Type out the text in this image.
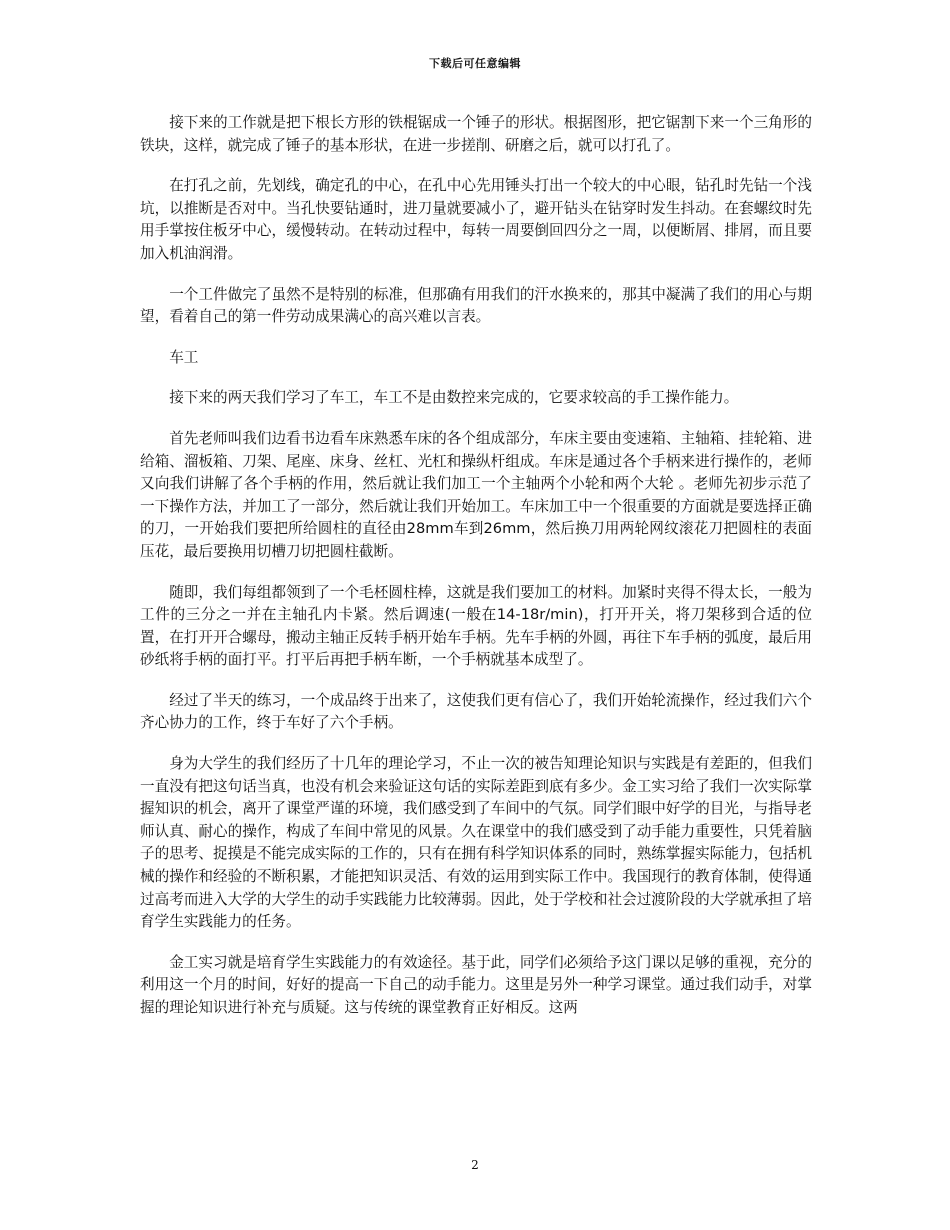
下载后可任意编辑

接下来的工作就是把下根长方形的铁棍锯成一个锤子的形状。根据图形，把它锯割下来一个三角形的铁块，这样，就完成了锤子的基本形状，在进一步搓削、研磨之后，就可以打孔了。

在打孔之前，先划线，确定孔的中心，在孔中心先用锤头打出一个较大的中心眼，钻孔时先钻一个浅坑，以推断是否对中。当孔快要钻通时，进刀量就要减小了，避开钻头在钻穿时发生抖动。在套螺纹时先用手掌按住板牙中心，缓慢转动。在转动过程中，每转一周要倒回四分之一周，以便断屑、排屑，而且要加入机油润滑。

一个工件做完了虽然不是特别的标准，但那确有用我们的汗水换来的，那其中凝满了我们的用心与期望，看着自己的第一件劳动成果满心的高兴难以言表。

车工

接下来的两天我们学习了车工，车工不是由数控来完成的，它要求较高的手工操作能力。

首先老师叫我们边看书边看车床熟悉车床的各个组成部分，车床主要由变速箱、主轴箱、挂轮箱、进给箱、溜板箱、刀架、尾座、床身、丝杠、光杠和操纵杆组成。车床是通过各个手柄来进行操作的，老师又向我们讲解了各个手柄的作用，然后就让我们加工一个主轴两个小轮和两个大轮 。老师先初步示范了一下操作方法，并加工了一部分，然后就让我们开始加工。车床加工中一个很重要的方面就是要选择正确的刀，一开始我们要把所给圆柱的直径由28mm车到26mm，然后换刀用两轮网纹滚花刀把圆柱的表面压花，最后要换用切槽刀切把圆柱截断。

随即，我们每组都领到了一个毛柸圆柱棒，这就是我们要加工的材料。加紧时夹得不得太长，一般为工件的三分之一并在主轴孔内卡紧。然后调速(一般在14-18r/min)，打开开关，将刀架移到合适的位置，在打开开合螺母，搬动主轴正反转手柄开始车手柄。先车手柄的外圆，再往下车手柄的弧度，最后用砂纸将手柄的面打平。打平后再把手柄车断，一个手柄就基本成型了。

经过了半天的练习，一个成品终于出来了，这使我们更有信心了，我们开始轮流操作，经过我们六个齐心协力的工作，终于车好了六个手柄。

身为大学生的我们经历了十几年的理论学习，不止一次的被告知理论知识与实践是有差距的，但我们一直没有把这句话当真，也没有机会来验证这句话的实际差距到底有多少。金工实习给了我们一次实际掌握知识的机会，离开了课堂严谨的环境，我们感受到了车间中的气氛。同学们眼中好学的目光，与指导老师认真、耐心的操作，构成了车间中常见的风景。久在课堂中的我们感受到了动手能力重要性，只凭着脑子的思考、捉摸是不能完成实际的工作的，只有在拥有科学知识体系的同时，熟练掌握实际能力，包括机械的操作和经验的不断积累，才能把知识灵活、有效的运用到实际工作中。我国现行的教育体制，使得通过高考而进入大学的大学生的动手实践能力比较薄弱。因此，处于学校和社会过渡阶段的大学就承担了培育学生实践能力的任务。

金工实习就是培育学生实践能力的有效途径。基于此，同学们必须给予这门课以足够的重视，充分的利用这一个月的时间，好好的提高一下自己的动手能力。这里是另外一种学习课堂。通过我们动手，对掌握的理论知识进行补充与质疑。这与传统的课堂教育正好相反。这两

2
